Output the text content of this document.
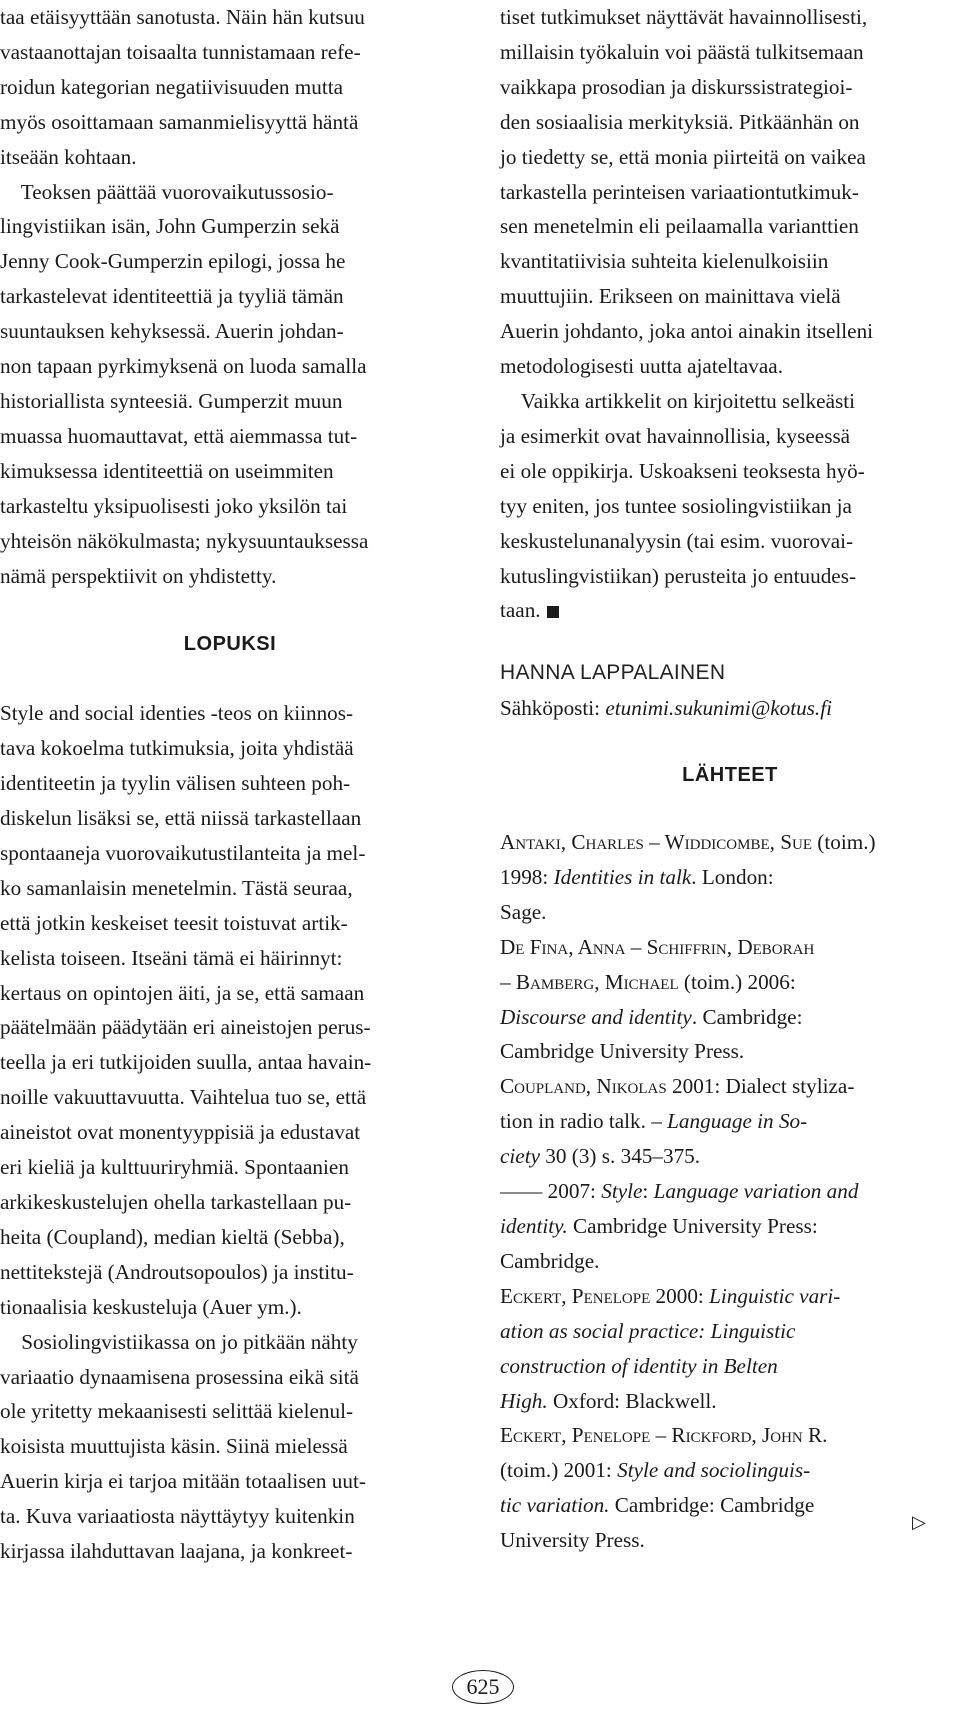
taa etäisyyttään sanotusta. Näin hän kutsuu
vastaanottajan toisaalta tunnistamaan refe-
roidun kategorian negatiivisuuden mutta
myös osoittamaan samanmielisyyttä häntä
itseään kohtaan.
Teoksen päättää vuorovaikutussosio-
lingvistiikan isän, John Gumperzin sekä
Jenny Cook-Gumperzin epilogi, jossa he
tarkastelevat identiteettiä ja tyyliä tämän
suuntauksen kehyksessä. Auerin johdan-
non tapaan pyrkimyksenä on luoda samalla
historiallista synteesiä. Gumperzit muun
muassa huomauttavat, että aiemmassa tut-
kimuksessa identiteettiä on useimmiten
tarkasteltu yksipuolisesti joko yksilön tai
yhteisön näkökulmasta; nykysuuntauksessa
nämä perspektiivit on yhdistetty.
LOPUKSI
Style and social identies -teos on kiinnos-
tava kokoelma tutkimuksia, joita yhdistää
identiteetin ja tyylin välisen suhteen poh-
diskelun lisäksi se, että niissä tarkastellaan
spontaaneja vuorovaikutustilanteita ja mel-
ko samanlaisin menetelmin. Tästä seuraa,
että jotkin keskeiset teesit toistuvat artik-
kelista toiseen. Itseäni tämä ei häirinnyt:
kertaus on opintojen äiti, ja se, että samaan
päätelmään päädytään eri aineistojen perus-
teella ja eri tutkijoiden suulla, antaa havain-
noille vakuuttavuutta. Vaihtelua tuo se, että
aineistot ovat monentyyppisiä ja edustavat
eri kieliä ja kulttuuriryhmiä. Spontaanien
arkikeskustelujen ohella tarkastellaan pu-
heita (Coupland), median kieltä (Sebba),
nettitekstejä (Androutsopoulos) ja institu-
tionaalisia keskusteluja (Auer ym.).
Sosiolingvistiikassa on jo pitkään nähty
variaatio dynaamisena prosessina eikä sitä
ole yritetty mekaanisesti selittää kielenul-
koisista muuttujista käsin. Siinä mielessä
Auerin kirja ei tarjoa mitään totaalisen uut-
ta. Kuva variaatiosta näyttäytyy kuitenkin
kirjassa ilahduttavan laajana, ja konkreet-
tiset tutkimukset näyttävät havainnollisesti,
millaisin työkaluin voi päästä tulkitsemaan
vaikkapa prosodian ja diskurssistrategioi-
den sosiaalisia merkityksiä. Pitkäänhän on
jo tiedetty se, että monia piirteitä on vaikea
tarkastella perinteisen variaationtutkimuk-
sen menetelmin eli peilaamalla varianttien
kvantitatiivisia suhteita kielenulkoisiin
muuttujiin. Erikseen on mainittava vielä
Auerin johdanto, joka antoi ainakin itselleni
metodologisesti uutta ajateltavaa.
Vaikka artikkelit on kirjoitettu selkeästi
ja esimerkit ovat havainnollisia, kyseessä
ei ole oppikirja. Uskoakseni teoksesta hyö-
tyy eniten, jos tuntee sosiolingvistiikan ja
keskustelunanalyysin (tai esim. vuorovai-
kutuslingvistiikan) perusteita jo entuudes-
taan.
HANNA LAPPALAINEN
Sähköposti: etunimi.sukunimi@kotus.fi
LÄHTEET
Antaki, Charles – Widdicombe, Sue (toim.)
1998: Identities in talk. London:
Sage.
De Fina, Anna – Schiffrin, Deborah
– Bamberg, Michael (toim.) 2006:
Discourse and identity. Cambridge:
Cambridge University Press.
Coupland, Nikolas 2001: Dialect styliza-
tion in radio talk. – Language in So-
ciety 30 (3) s. 345–375.
—— 2007: Style: Language variation and
identity. Cambridge University Press:
Cambridge.
Eckert, Penelope 2000: Linguistic vari-
ation as social practice: Linguistic
construction of identity in Belten
High. Oxford: Blackwell.
Eckert, Penelope – Rickford, John R.
(toim.) 2001: Style and sociolinguis-
tic variation. Cambridge: Cambridge
University Press.
▷
625
